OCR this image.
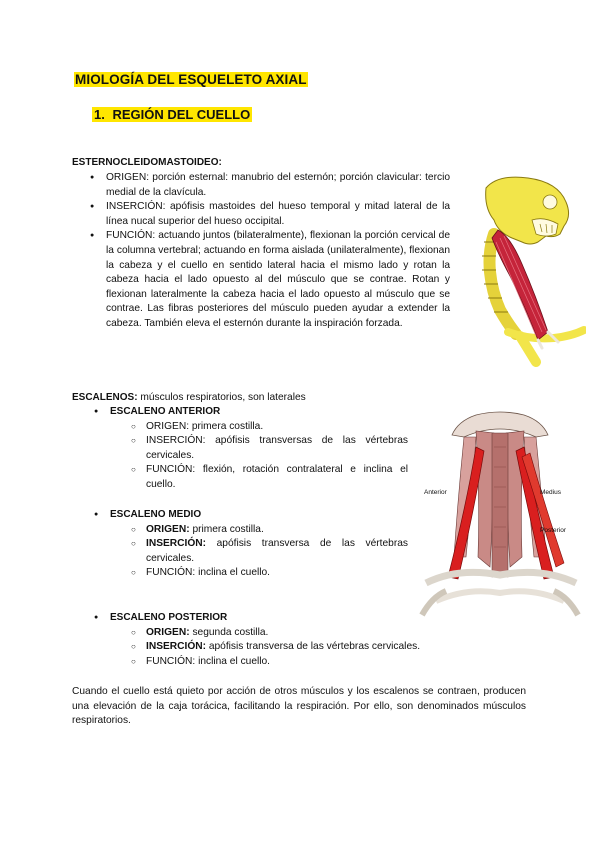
MIOLOGÍA DEL ESQUELETO AXIAL
1. REGIÓN DEL CUELLO
ESTERNOCLEIDOMASTOIDEO:
● ORIGEN: porción esternal: manubrio del esternón; porción clavicular: tercio medial de la clavícula.
● INSERCIÓN: apófisis mastoides del hueso temporal y mitad lateral de la línea nucal superior del hueso occipital.
● FUNCIÓN: actuando juntos (bilateralmente), flexionan la porción cervical de la columna vertebral; actuando en forma aislada (unilateralmente), flexionan la cabeza y el cuello en sentido lateral hacia el mismo lado y rotan la cabeza hacia el lado opuesto al del músculo que se contrae. Rotan y flexionan lateralmente la cabeza hacia el lado opuesto al músculo que se contrae. Las fibras posteriores del músculo pueden ayudar a extender la cabeza. También eleva el esternón durante la inspiración forzada.
ESCALENOS: músculos respiratorios, son laterales
● ESCALENO ANTERIOR
○ ORIGEN: primera costilla.
○ INSERCIÓN: apófisis transversas de las vértebras cervicales.
○ FUNCIÓN: flexión, rotación contralateral e inclina el cuello.
● ESCALENO MEDIO
○ ORIGEN: primera costilla.
○ INSERCIÓN: apófisis transversa de las vértebras cervicales.
○ FUNCIÓN: inclina el cuello.
● ESCALENO POSTERIOR
○ ORIGEN: segunda costilla.
○ INSERCIÓN: apófisis transversa de las vértebras cervicales.
○ FUNCIÓN: inclina el cuello.
Anterior	Medius
Posterior
Cuando el cuello está quieto por acción de otros músculos y los escalenos se contraen, producen una elevación de la caja torácica, facilitando la respiración. Por ello, son denominados músculos respiratorios.
